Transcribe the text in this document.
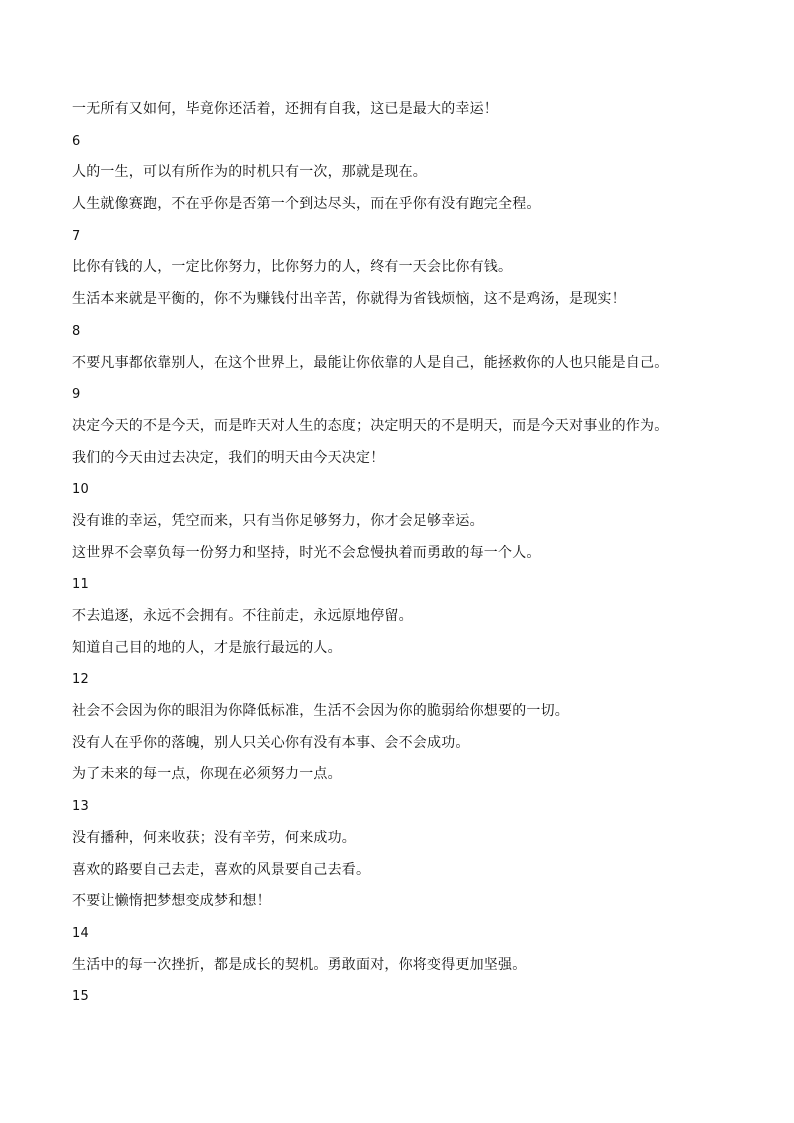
一无所有又如何，毕竟你还活着，还拥有自我，这已是最大的幸运！
6
人的一生，可以有所作为的时机只有一次，那就是现在。
人生就像赛跑，不在乎你是否第一个到达尽头，而在乎你有没有跑完全程。
7
比你有钱的人，一定比你努力，比你努力的人，终有一天会比你有钱。
生活本来就是平衡的，你不为赚钱付出辛苦，你就得为省钱烦恼，这不是鸡汤，是现实！
8
不要凡事都依靠别人，在这个世界上，最能让你依靠的人是自己，能拯救你的人也只能是自己。
9
决定今天的不是今天，而是昨天对人生的态度；决定明天的不是明天，而是今天对事业的作为。
我们的今天由过去决定，我们的明天由今天决定！
10
没有谁的幸运，凭空而来，只有当你足够努力，你才会足够幸运。
这世界不会辜负每一份努力和坚持，时光不会怠慢执着而勇敢的每一个人。
11
不去追逐，永远不会拥有。不往前走，永远原地停留。
知道自己目的地的人，才是旅行最远的人。
12
社会不会因为你的眼泪为你降低标准，生活不会因为你的脆弱给你想要的一切。
没有人在乎你的落魄，别人只关心你有没有本事、会不会成功。
为了未来的每一点，你现在必须努力一点。
13
没有播种，何来收获；没有辛劳，何来成功。
喜欢的路要自己去走，喜欢的风景要自己去看。
不要让懒惰把梦想变成梦和想！
14
生活中的每一次挫折，都是成长的契机。勇敢面对，你将变得更加坚强。
15
